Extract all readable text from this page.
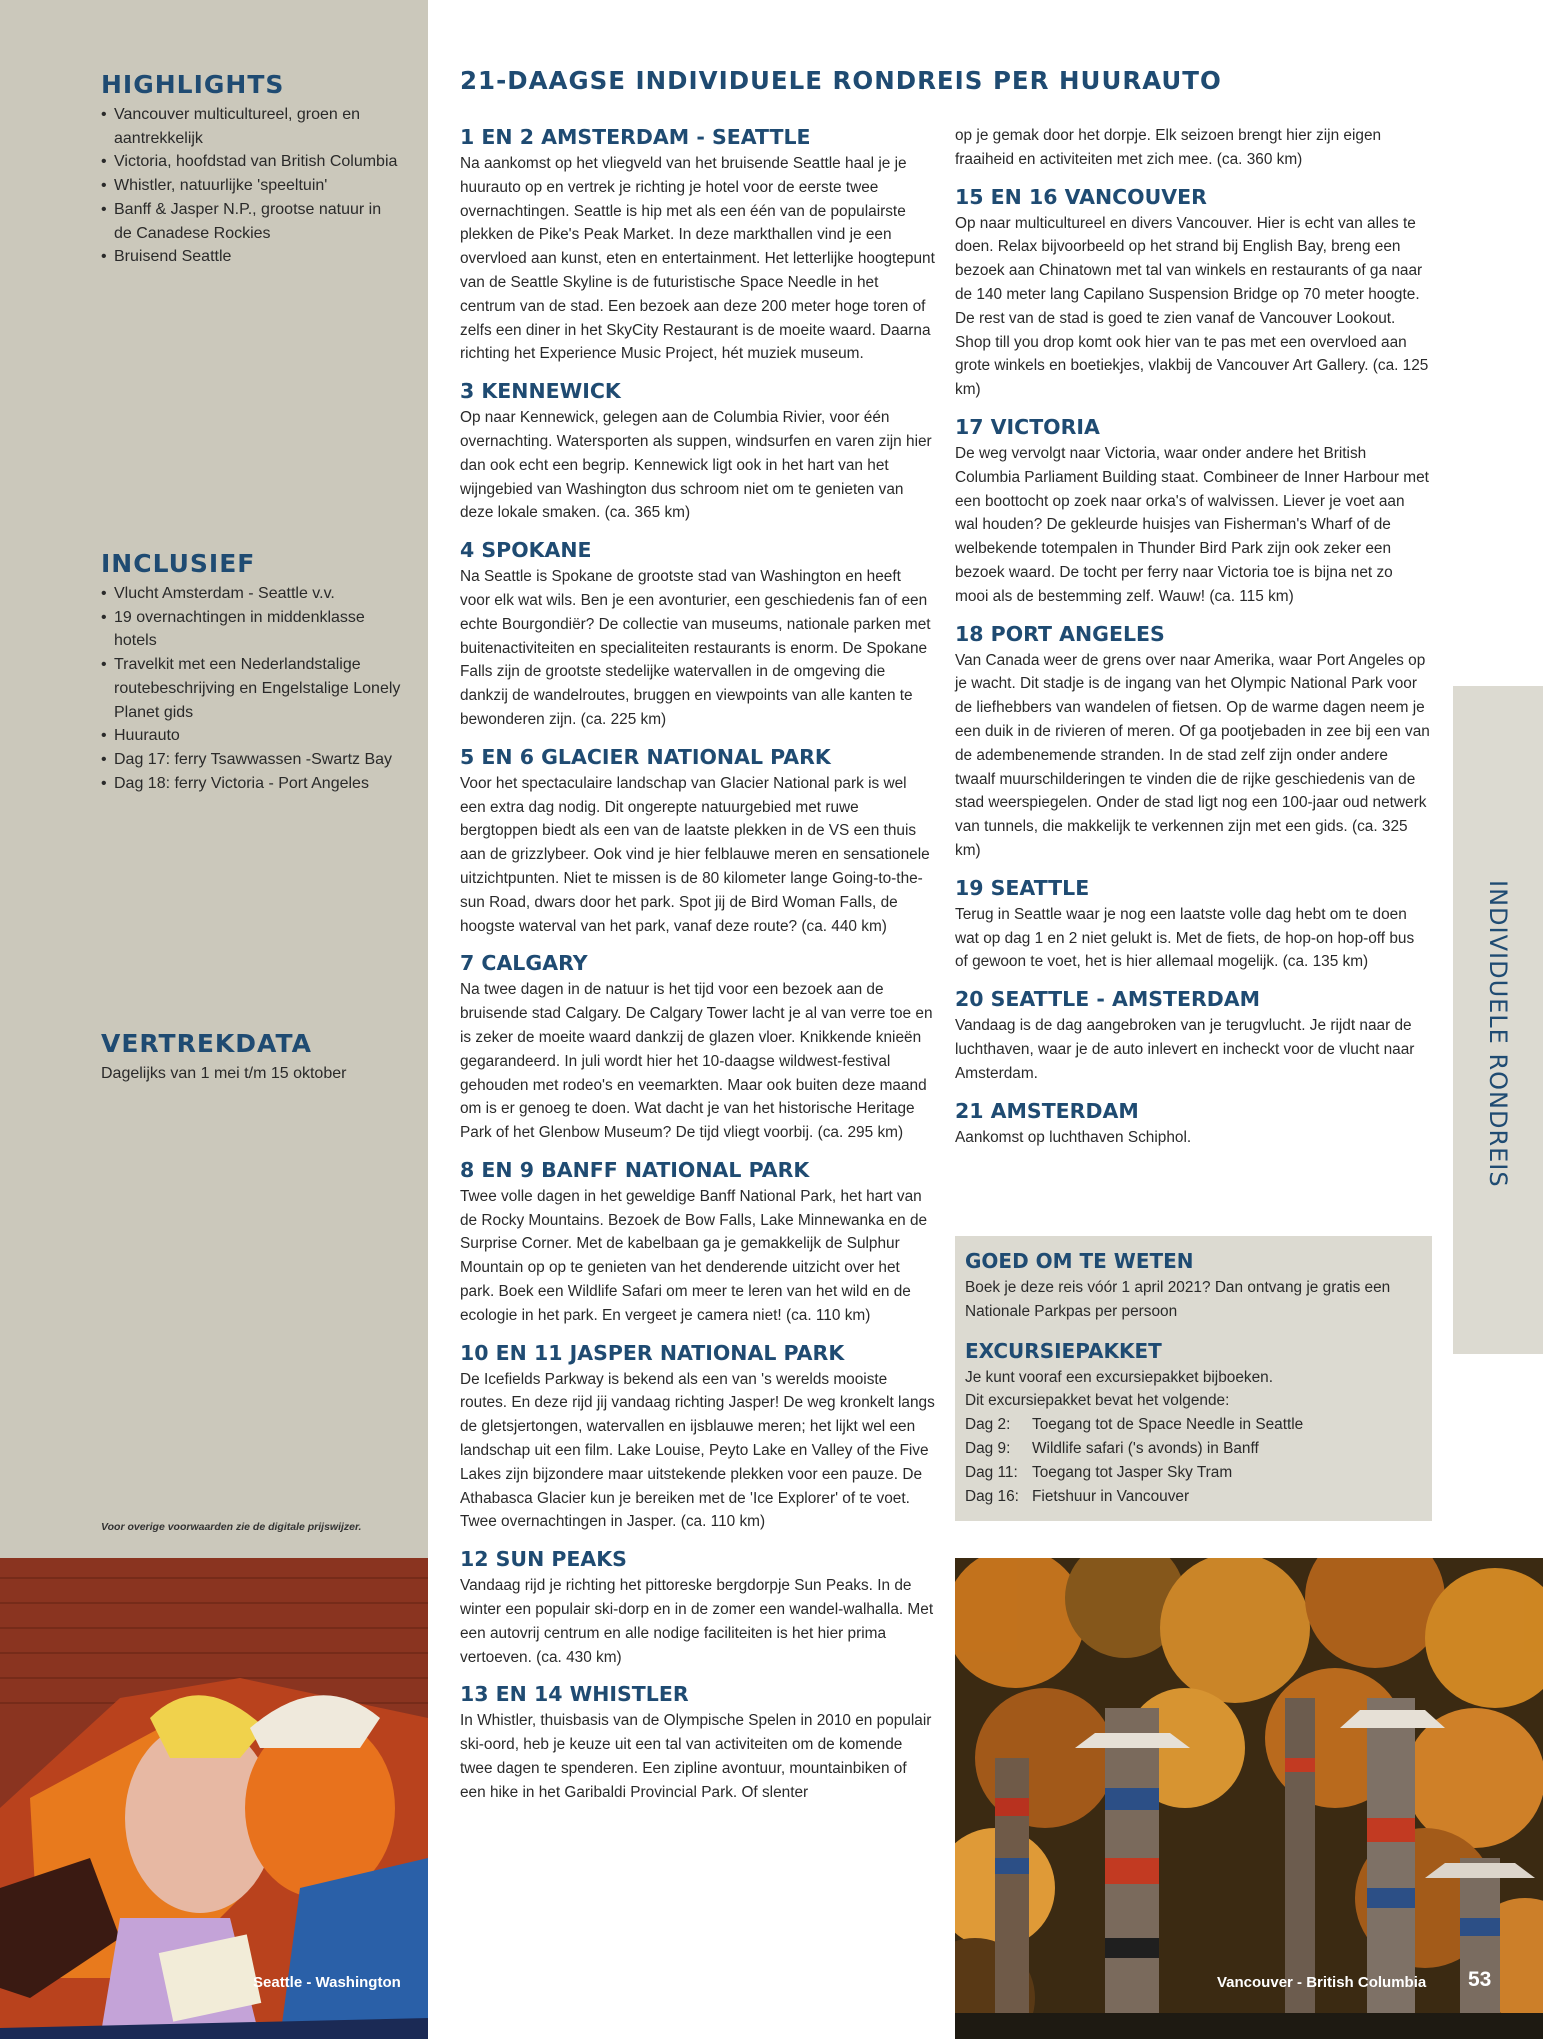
HIGHLIGHTS
• Vancouver multicultureel, groen en aantrekkelijk
• Victoria, hoofdstad van British Columbia
• Whistler, natuurlijke 'speeltuin'
• Banff & Jasper N.P., grootse natuur in de Canadese Rockies
• Bruisend Seattle
INCLUSIEF
• Vlucht Amsterdam - Seattle v.v.
• 19 overnachtingen in middenklasse hotels
• Travelkit met een Nederlandstalige routebeschrijving en Engelstalige Lonely Planet gids
• Huurauto
• Dag 17: ferry Tsawwassen -Swartz Bay
• Dag 18: ferry Victoria - Port Angeles
VERTREKDATA
Dagelijks van 1 mei t/m 15 oktober
Voor overige voorwaarden zie de digitale prijswijzer.
21-DAAGSE INDIVIDUELE RONDREIS PER HUURAUTO
1 EN 2 AMSTERDAM - SEATTLE

Na aankomst op het vliegveld van het bruisende Seattle haal je je huurauto op en vertrek je richting je hotel voor de eerste twee overnachtingen. Seattle is hip met als een één van de populairste plekken de Pike's Peak Market. In deze markthallen vind je een overvloed aan kunst, eten en entertainment. Het letterlijke hoogtepunt van de Seattle Skyline is de futuristische Space Needle in het centrum van de stad. Een bezoek aan deze 200 meter hoge toren of zelfs een diner in het SkyCity Restaurant is de moeite waard. Daarna richting het Experience Music Project, hét muziek museum.

3 KENNEWICK

Op naar Kennewick, gelegen aan de Columbia Rivier, voor één overnachting. Watersporten als suppen, windsurfen en varen zijn hier dan ook echt een begrip. Kennewick ligt ook in het hart van het wijngebied van Washington dus schroom niet om te genieten van deze lokale smaken. (ca. 365 km)

4 SPOKANE

Na Seattle is Spokane de grootste stad van Washington en heeft voor elk wat wils. Ben je een avonturier, een geschiedenis fan of een echte Bourgondiër? De collectie van museums, nationale parken met buitenactiviteiten en specialiteiten restaurants is enorm. De Spokane Falls zijn de grootste stedelijke watervallen in de omgeving die dankzij de wandelroutes, bruggen en viewpoints van alle kanten te bewonderen zijn. (ca. 225 km)

5 EN 6 GLACIER NATIONAL PARK

Voor het spectaculaire landschap van Glacier National park is wel een extra dag nodig. Dit ongerepte natuurgebied met ruwe bergtoppen biedt als een van de laatste plekken in de VS een thuis aan de grizzlybeer. Ook vind je hier felblauwe meren en sensationele uitzichtpunten. Niet te missen is de 80 kilometer lange Going-to-the-sun Road, dwars door het park. Spot jij de Bird Woman Falls, de hoogste waterval van het park, vanaf deze route? (ca. 440 km)

7 CALGARY

Na twee dagen in de natuur is het tijd voor een bezoek aan de bruisende stad Calgary. De Calgary Tower lacht je al van verre toe en is zeker de moeite waard dankzij de glazen vloer. Knikkende knieën gegarandeerd. In juli wordt hier het 10-daagse wildwest-festival gehouden met rodeo's en veemarkten. Maar ook buiten deze maand om is er genoeg te doen. Wat dacht je van het historische Heritage Park of het Glenbow Museum? De tijd vliegt voorbij. (ca. 295 km)

8 EN 9 BANFF NATIONAL PARK

Twee volle dagen in het geweldige Banff National Park, het hart van de Rocky Mountains. Bezoek de Bow Falls, Lake Minnewanka en de Surprise Corner. Met de kabelbaan ga je gemakkelijk de Sulphur Mountain op op te genieten van het denderende uitzicht over het park. Boek een Wildlife Safari om meer te leren van het wild en de ecologie in het park. En vergeet je camera niet! (ca. 110 km)

10 EN 11 JASPER NATIONAL PARK

De Icefields Parkway is bekend als een van 's werelds mooiste routes. En deze rijd jij vandaag richting Jasper! De weg kronkelt langs de gletsjertongen, watervallen en ijsblauwe meren; het lijkt wel een landschap uit een film. Lake Louise, Peyto Lake en Valley of the Five Lakes zijn bijzondere maar uitstekende plekken voor een pauze. De Athabasca Glacier kun je bereiken met de 'Ice Explorer' of te voet. Twee overnachtingen in Jasper. (ca. 110 km)

12 SUN PEAKS

Vandaag rijd je richting het pittoreske bergdorpje Sun Peaks. In de winter een populair ski-dorp en in de zomer een wandel-walhalla. Met een autovrij centrum en alle nodige faciliteiten is het hier prima vertoeven. (ca. 430 km)

13 EN 14 WHISTLER

In Whistler, thuisbasis van de Olympische Spelen in 2010 en populair ski-oord, heb je keuze uit een tal van activiteiten om de komende twee dagen te spenderen. Een zipline avontuur, mountainbiken of een hike in het Garibaldi Provincial Park. Of slenter

op je gemak door het dorpje. Elk seizoen brengt hier zijn eigen fraaiheid en activiteiten met zich mee. (ca. 360 km)

15 EN 16 VANCOUVER

Op naar multicultureel en divers Vancouver. Hier is echt van alles te doen. Relax bijvoorbeeld op het strand bij English Bay, breng een bezoek aan Chinatown met tal van winkels en restaurants of ga naar de 140 meter lang Capilano Suspension Bridge op 70 meter hoogte. De rest van de stad is goed te zien vanaf de Vancouver Lookout. Shop till you drop komt ook hier van te pas met een overvloed aan grote winkels en boetiekjes, vlakbij de Vancouver Art Gallery. (ca. 125 km)

17 VICTORIA

De weg vervolgt naar Victoria, waar onder andere het British Columbia Parliament Building staat. Combineer de Inner Harbour met een boottocht op zoek naar orka's of walvissen. Liever je voet aan wal houden? De gekleurde huisjes van Fisherman's Wharf of de welbekende totempalen in Thunder Bird Park zijn ook zeker een bezoek waard. De tocht per ferry naar Victoria toe is bijna net zo mooi als de bestemming zelf. Wauw! (ca. 115 km)

18 PORT ANGELES

Van Canada weer de grens over naar Amerika, waar Port Angeles op je wacht. Dit stadje is de ingang van het Olympic National Park voor de liefhebbers van wandelen of fietsen. Op de warme dagen neem je een duik in de rivieren of meren. Of ga pootjebaden in zee bij een van de adembenemende stranden. In de stad zelf zijn onder andere twaalf muurschilderingen te vinden die de rijke geschiedenis van de stad weerspiegelen. Onder de stad ligt nog een 100-jaar oud netwerk van tunnels, die makkelijk te verkennen zijn met een gids. (ca. 325 km)

19 SEATTLE

Terug in Seattle waar je nog een laatste volle dag hebt om te doen wat op dag 1 en 2 niet gelukt is. Met de fiets, de hop-on hop-off bus of gewoon te voet, het is hier allemaal mogelijk. (ca. 135 km)

20 SEATTLE - AMSTERDAM

Vandaag is de dag aangebroken van je terugvlucht. Je rijdt naar de luchthaven, waar je de auto inlevert en incheckt voor de vlucht naar Amsterdam.

21 AMSTERDAM

Aankomst op luchthaven Schiphol.

GOED OM TE WETEN

Boek je deze reis vóór 1 april 2021? Dan ontvang je gratis een Nationale Parkpas per persoon

EXCURSIEPAKKET
Je kunt vooraf een excursiepakket bijboeken.
Dit excursiepakket bevat het volgende:
Dag 2:	Toegang tot de Space Needle in Seattle
Dag 9:	Wildlife safari ('s avonds) in Banff
Dag 11: Toegang tot Jasper Sky Tram
Dag 16: Fietshuur in Vancouver
INDIVIDUELE RONDREIS
Seattle - Washington	Vancouver - British Columbia 53
